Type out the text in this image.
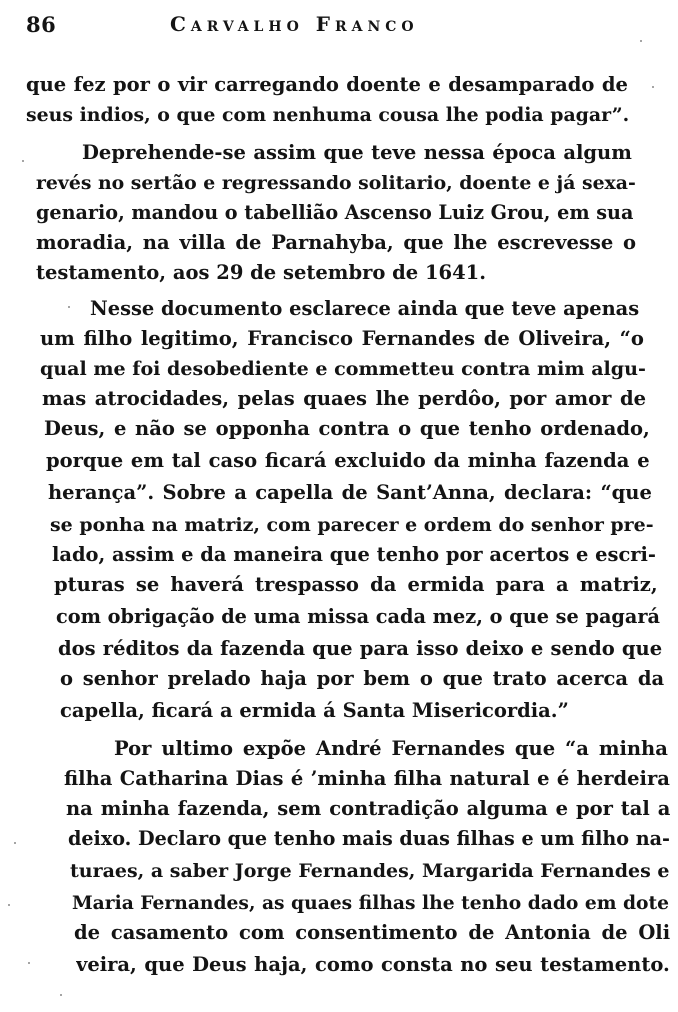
86	Carvalho Franco
que fez por o vir carregando doente e desamparado de
seus indios, o que com nenhuma cousa lhe podia pagar”.
Deprehende-se assim que teve nessa época algum
revés no sertão e regressando solitario, doente e já sexa-
genario, mandou o tabellião Ascenso Luiz Grou, em sua
moradia, na villa de Parnahyba, que lhe escrevesse o
testamento, aos 29 de setembro de 1641.
Nesse documento esclarece ainda que teve apenas
um filho legitimo, Francisco Fernandes de Oliveira, “o
qual me foi desobediente e commetteu contra mim algu-
mas atrocidades, pelas quaes lhe perdôo, por amor de
Deus, e não se opponha contra o que tenho ordenado,
porque em tal caso ficará excluido da minha fazenda e
herança”. Sobre a capella de Sant’Anna, declara: “que
se ponha na matriz, com parecer e ordem do senhor pre-
lado, assim e da maneira que tenho por acertos e escri-
pturas se haverá trespasso da ermida para a matriz,
com obrigação de uma missa cada mez, o que se pagará
dos réditos da fazenda que para isso deixo e sendo que
o senhor prelado haja por bem o que trato acerca da
capella, ficará a ermida á Santa Misericordia.”
Por ultimo expõe André Fernandes que “a minha
filha Catharina Dias é ’minha filha natural e é herdeira
na minha fazenda, sem contradição alguma e por tal a
deixo. Declaro que tenho mais duas filhas e um filho na-
turaes, a saber Jorge Fernandes, Margarida Fernandes e
Maria Fernandes, as quaes filhas lhe tenho dado em dote
de casamento com consentimento de Antonia de Oli
veira, que Deus haja, como consta no seu testamento.
